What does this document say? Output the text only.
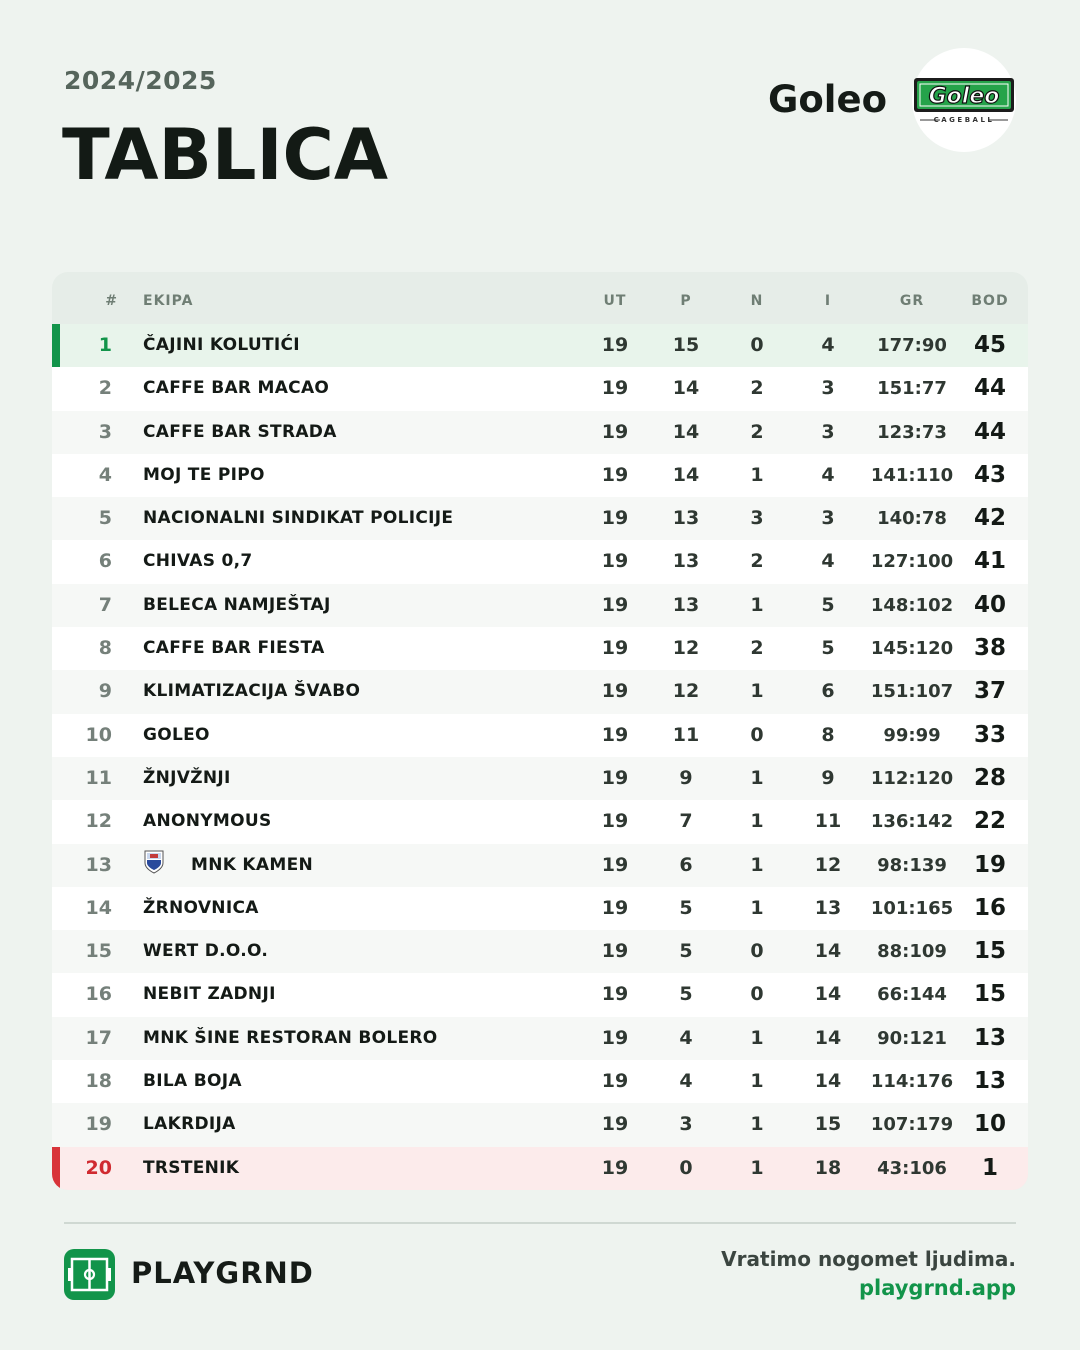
2024/2025
TABLICA
Goleo Goleo
CAGEBALL
# EKIPA	UT	P	N	I	GR	BOD
1 ČAJINI KOLUTIĆI	19	15	0	4	177:90	45
2 CAFFE BAR MACAO	19	14	2	3	151:77	44
3 CAFFE BAR STRADA	19	14	2	3	123:73	44
4 MOJ TE PIPO	19	14	1	4	141:110 43
5 NACIONALNI SINDIKAT POLICIJE	19	13	3	3	140:78	42
6 CHIVAS 0,7	19	13	2	4	127:100 41
7 BELECA NAMJEŠTAJ	19	13	1	5	148:102 40
8 CAFFE BAR FIESTA	19	12	2	5	145:120 38
9 KLIMATIZACIJA ŠVABO	19	12	1	6	151:107 37
10 GOLEO	19	11	0	8	99:99	33
11 ŽNJVŽNJI	19	9	1	9	112:120 28
12 ANONYMOUS	19	7	1	11	136:142 22
13	MNK KAMEN	19	6	1	12	98:139	19
14 ŽRNOVNICA	19	5	1	13	101:165 16
15 WERT D.O.O.	19	5	0	14	88:109	15
16 NEBIT ZADNJI	19	5	0	14	66:144	15
17 MNK ŠINE RESTORAN BOLERO	19	4	1	14	90:121	13
18 BILA BOJA	19	4	1	14	114:176 13
19 LAKRDIJA	19	3	1	15	107:179 10
20 TRSTENIK	19	0	1	18	43:106	1
PLAYGRND	Vratimo nogomet ljudima.
playgrnd.app
